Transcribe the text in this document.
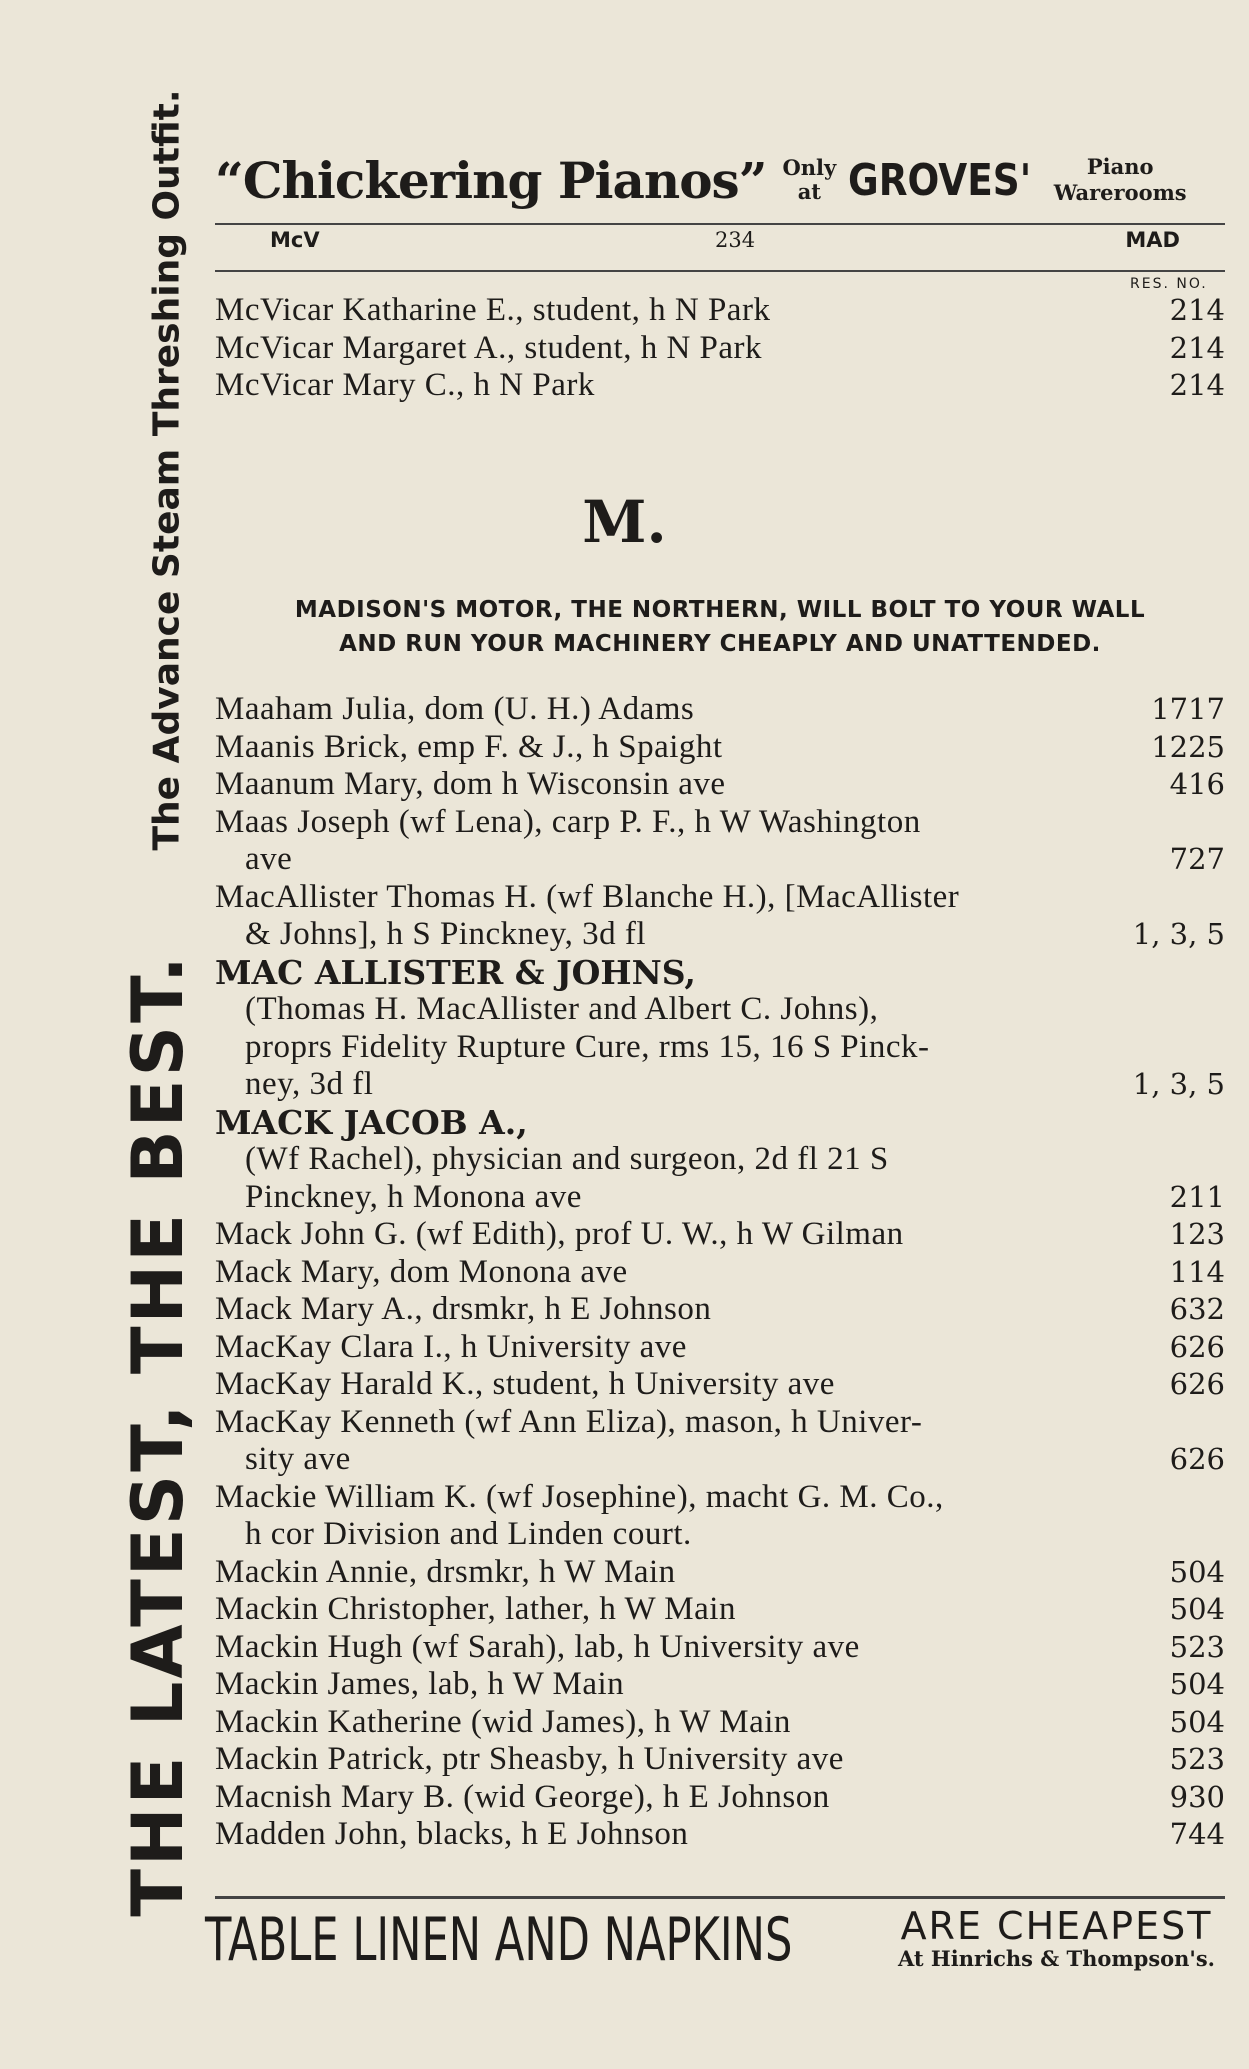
The Advance Steam Threshing Outfit.
THE LATEST, THE BEST.
“Chickering Pianos” Only
at GROVES'	Piano
Warerooms
McV	234	MAD
RES. NO.
McVicar Katharine E., student, h N Park	214
McVicar Margaret A., student, h N Park	214
McVicar Mary C., h N Park	214
M.
MADISON'S MOTOR, THE NORTHERN, WILL BOLT TO YOUR WALL
AND RUN YOUR MACHINERY CHEAPLY AND UNATTENDED.
Maaham Julia, dom (U. H.) Adams	1717
Maanis Brick, emp F. & J., h Spaight	1225
Maanum Mary, dom h Wisconsin ave	416
Maas Joseph (wf Lena), carp P. F., h W Washington
ave	727
MacAllister Thomas H. (wf Blanche H.), [MacAllister
& Johns], h S Pinckney, 3d fl	1, 3, 5
MAC ALLISTER & JOHNS,
(Thomas H. MacAllister and Albert C. Johns),
proprs Fidelity Rupture Cure, rms 15, 16 S Pinck-
ney, 3d fl	1, 3, 5
MACK JACOB A.,
(Wf Rachel), physician and surgeon, 2d fl 21 S
Pinckney, h Monona ave	211
Mack John G. (wf Edith), prof U. W., h W Gilman	123
Mack Mary, dom Monona ave	114
Mack Mary A., drsmkr, h E Johnson	632
MacKay Clara I., h University ave	626
MacKay Harald K., student, h University ave	626
MacKay Kenneth (wf Ann Eliza), mason, h Univer-
sity ave	626
Mackie William K. (wf Josephine), macht G. M. Co.,
h cor Division and Linden court.
Mackin Annie, drsmkr, h W Main	504
Mackin Christopher, lather, h W Main	504
Mackin Hugh (wf Sarah), lab, h University ave	523
Mackin James, lab, h W Main	504
Mackin Katherine (wid James), h W Main	504
Mackin Patrick, ptr Sheasby, h University ave	523
Macnish Mary B. (wid George), h E Johnson	930
Madden John, blacks, h E Johnson	744
TABLE LINEN AND NAPKINS	ARE CHEAPEST
At Hinrichs & Thompson's.
